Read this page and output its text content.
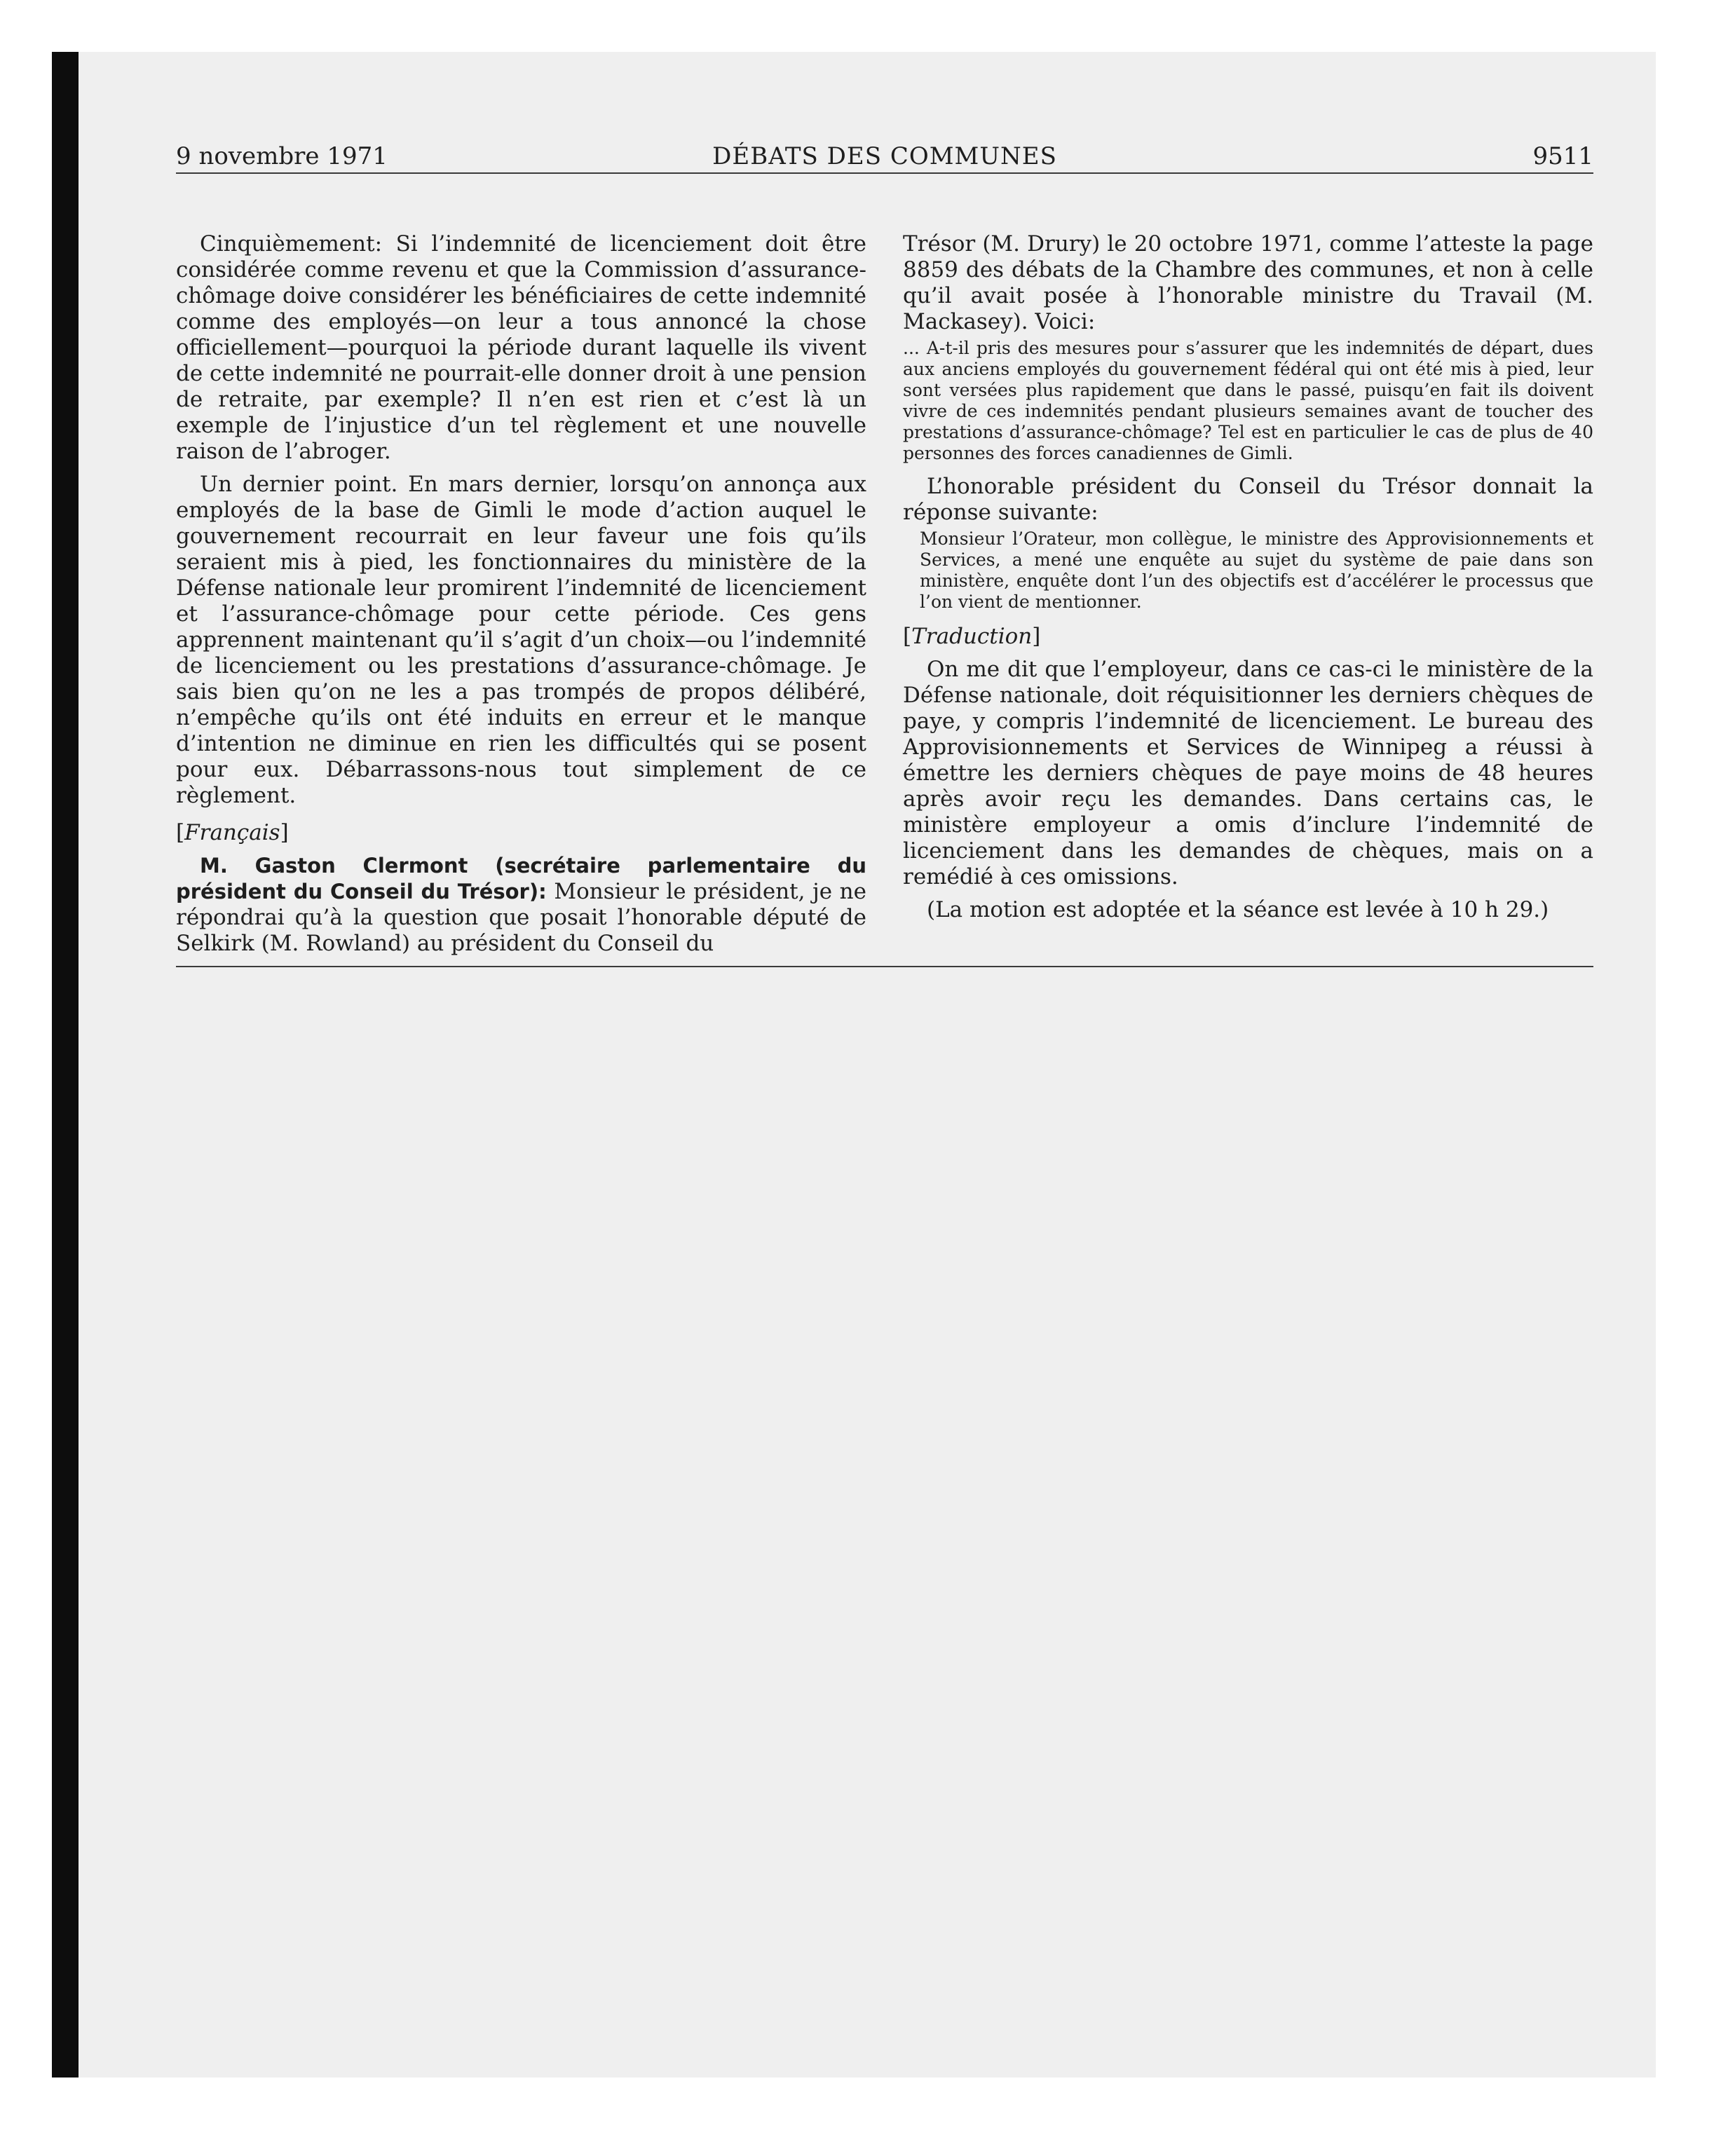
9 novembre 1971	DÉBATS DES COMMUNES	9511

Cinquièmement: Si l’indemnité de licenciement doit être considérée comme revenu et que la Commission d’assurance-chômage doive considérer les bénéficiaires de cette indemnité comme des employés—on leur a tous annoncé la chose officiellement—pourquoi la période durant laquelle ils vivent de cette indemnité ne pourrait-elle donner droit à une pension de retraite, par exemple? Il n’en est rien et c’est là un exemple de l’injustice d’un tel règlement et une nouvelle raison de l’abroger.

Un dernier point. En mars dernier, lorsqu’on annonça aux employés de la base de Gimli le mode d’action auquel le gouvernement recourrait en leur faveur une fois qu’ils seraient mis à pied, les fonctionnaires du ministère de la Défense nationale leur promirent l’indemnité de licenciement et l’assurance-chômage pour cette période. Ces gens apprennent maintenant qu’il s’agit d’un choix—ou l’indemnité de licenciement ou les prestations d’assurance-chômage. Je sais bien qu’on ne les a pas trompés de propos délibéré, n’empêche qu’ils ont été induits en erreur et le manque d’intention ne diminue en rien les difficultés qui se posent pour eux. Débarrassons-nous tout simplement de ce règlement.

[Français]

M. Gaston Clermont (secrétaire parlementaire du président du Conseil du Trésor): Monsieur le président, je ne répondrai qu’à la question que posait l’honorable député de Selkirk (M. Rowland) au président du Conseil du

Trésor (M. Drury) le 20 octobre 1971, comme l’atteste la page 8859 des débats de la Chambre des communes, et non à celle qu’il avait posée à l’honorable ministre du Travail (M. Mackasey). Voici:

... A-t-il pris des mesures pour s’assurer que les indemnités de départ, dues aux anciens employés du gouvernement fédéral qui ont été mis à pied, leur sont versées plus rapidement que dans le passé, puisqu’en fait ils doivent vivre de ces indemnités pendant plusieurs semaines avant de toucher des prestations d’assurance-chômage? Tel est en particulier le cas de plus de 40 personnes des forces canadiennes de Gimli.

L’honorable président du Conseil du Trésor donnait la réponse suivante:

Monsieur l’Orateur, mon collègue, le ministre des Approvisionnements et Services, a mené une enquête au sujet du système de paie dans son ministère, enquête dont l’un des objectifs est d’accélérer le processus que l’on vient de mentionner.

[Traduction]

On me dit que l’employeur, dans ce cas-ci le ministère de la Défense nationale, doit réquisitionner les derniers chèques de paye, y compris l’indemnité de licenciement. Le bureau des Approvisionnements et Services de Winnipeg a réussi à émettre les derniers chèques de paye moins de 48 heures après avoir reçu les demandes. Dans certains cas, le ministère employeur a omis d’inclure l’indemnité de licenciement dans les demandes de chèques, mais on a remédié à ces omissions.

(La motion est adoptée et la séance est levée à 10 h 29.)
